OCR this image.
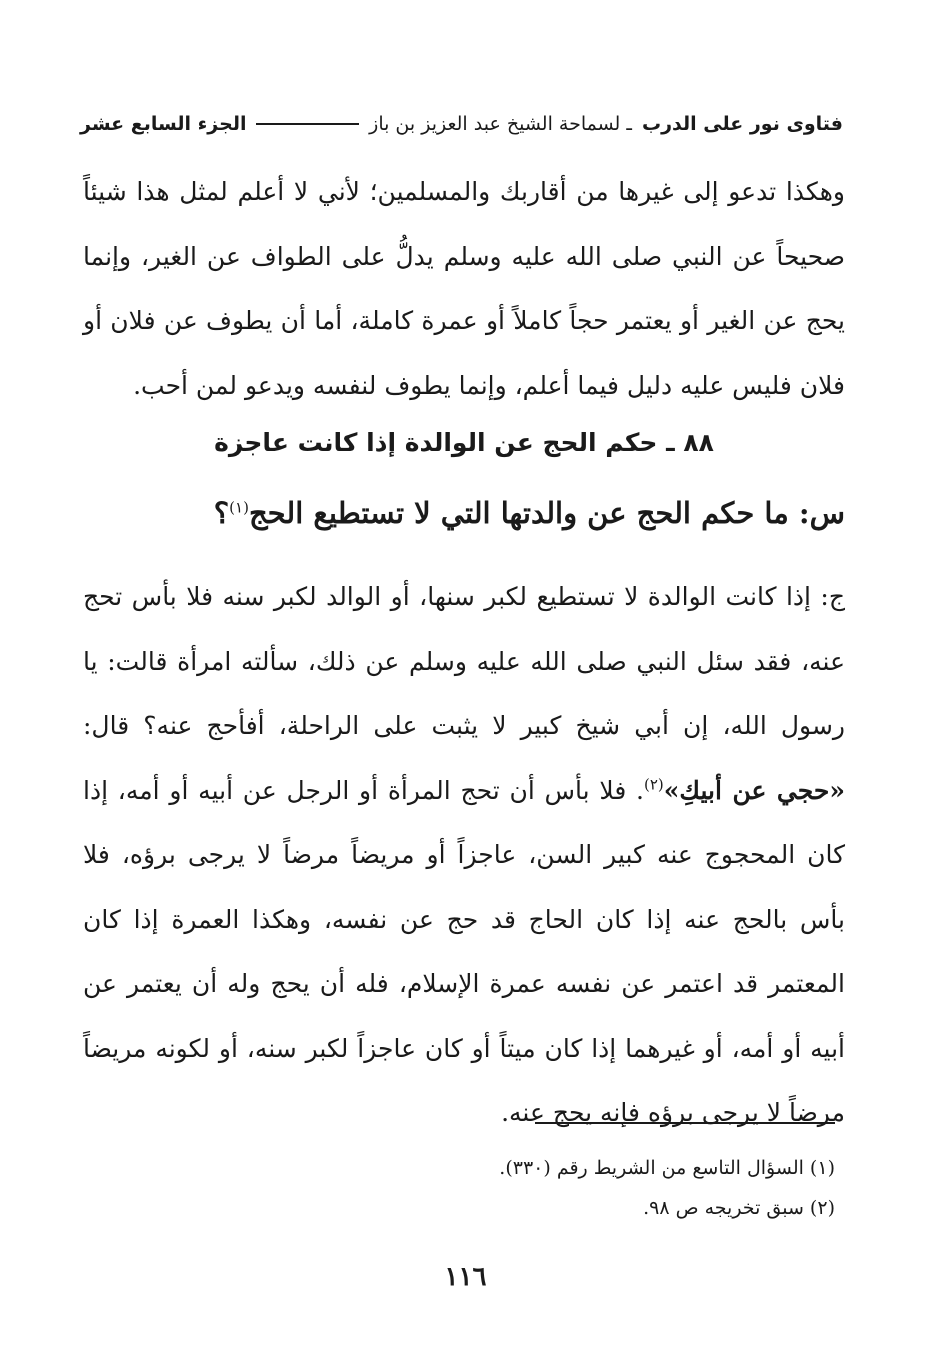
فتاوى نور على الدرب ـ لسماحة الشيخ عبد العزيز بن باز
الجزء السابع عشر

وهكذا تدعو إلى غيرها من أقاربك والمسلمين؛ لأني لا أعلم لمثل هذا شيئاً صحيحاً عن النبي صلى الله عليه وسلم يدلُّ على الطواف عن الغير، وإنما يحج عن الغير أو يعتمر حجاً كاملاً أو عمرة كاملة، أما أن يطوف عن فلان أو فلان فليس عليه دليل فيما أعلم، وإنما يطوف لنفسه ويدعو لمن أحب.

٨٨ ـ حكم الحج عن الوالدة إذا كانت عاجزة

س: ما حكم الحج عن والدتها التي لا تستطيع الحج$^{(١)}$؟

ج: إذا كانت الوالدة لا تستطيع لكبر سنها، أو الوالد لكبر سنه فلا بأس تحج عنه، فقد سئل النبي صلى الله عليه وسلم عن ذلك، سألته امرأة قالت: يا رسول الله، إن أبي شيخ كبير لا يثبت على الراحلة، أفأحج عنه؟ قال: «حجي عن أبيكِ»$^{(٢)}$. فلا بأس أن تحج المرأة أو الرجل عن أبيه أو أمه، إذا كان المحجوج عنه كبير السن، عاجزاً أو مريضاً مرضاً لا يرجى برؤه، فلا بأس بالحج عنه إذا كان الحاج قد حج عن نفسه، وهكذا العمرة إذا كان المعتمر قد اعتمر عن نفسه عمرة الإسلام، فله أن يحج وله أن يعتمر عن أبيه أو أمه، أو غيرهما إذا كان ميتاً أو كان عاجزاً لكبر سنه، أو لكونه مريضاً مرضاً لا يرجى برؤه فإنه يحج عنه.

(١) السؤال التاسع من الشريط رقم (٣٣٠).
(٢) سبق تخريجه ص ٩٨.
١١٦
